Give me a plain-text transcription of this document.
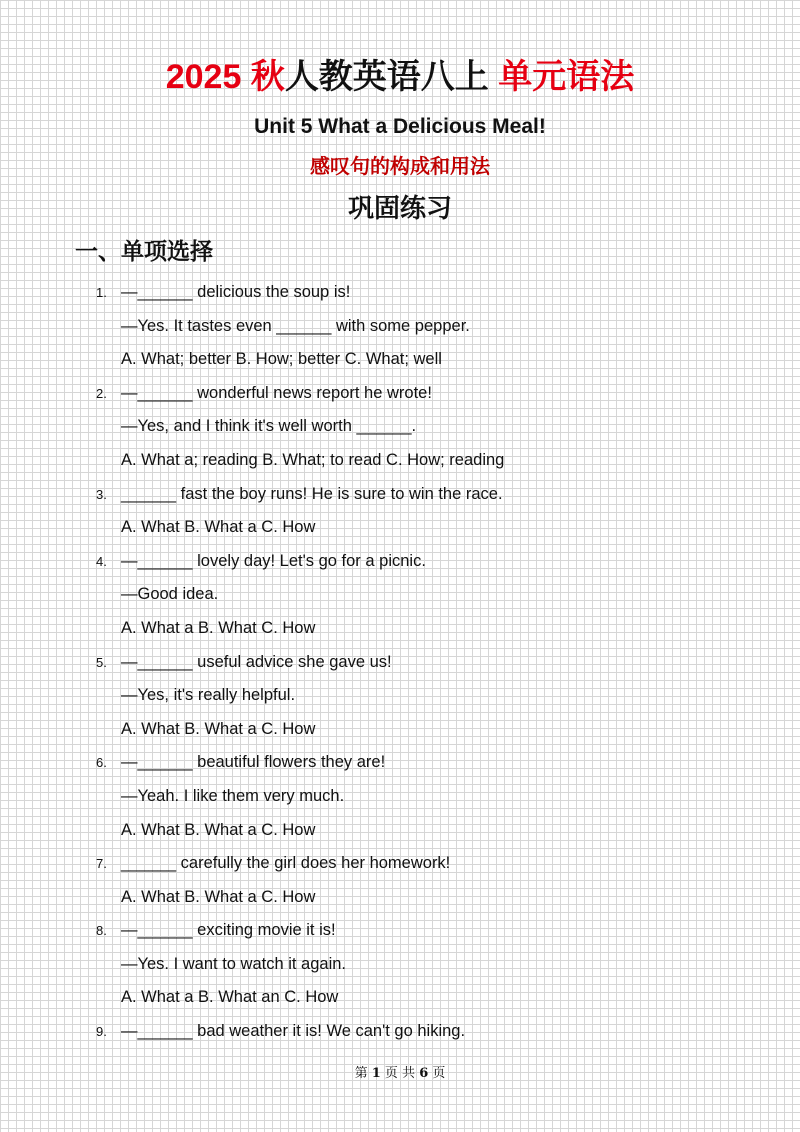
2025 秋人教英语八上 单元语法
Unit 5 What a Delicious Meal!
感叹句的构成和用法
巩固练习
一、单项选择
1. —______ delicious the soup is!
—Yes. It tastes even ______ with some pepper.
A. What; better B. How; better C. What; well
2. —______ wonderful news report he wrote!
—Yes, and I think it's well worth ______.
A. What a; reading B. What; to read C. How; reading
3. ______ fast the boy runs! He is sure to win the race.
A. What B. What a C. How
4. —______ lovely day! Let's go for a picnic.
—Good idea.
A. What a B. What C. How
5. —______ useful advice she gave us!
—Yes, it's really helpful.
A. What B. What a C. How
6. —______ beautiful flowers they are!
—Yeah. I like them very much.
A. What B. What a C. How
7. ______ carefully the girl does her homework!
A. What B. What a C. How
8. —______ exciting movie it is!
—Yes. I want to watch it again.
A. What a B. What an C. How
9. —______ bad weather it is! We can't go hiking.
第 1 页 共 6 页
